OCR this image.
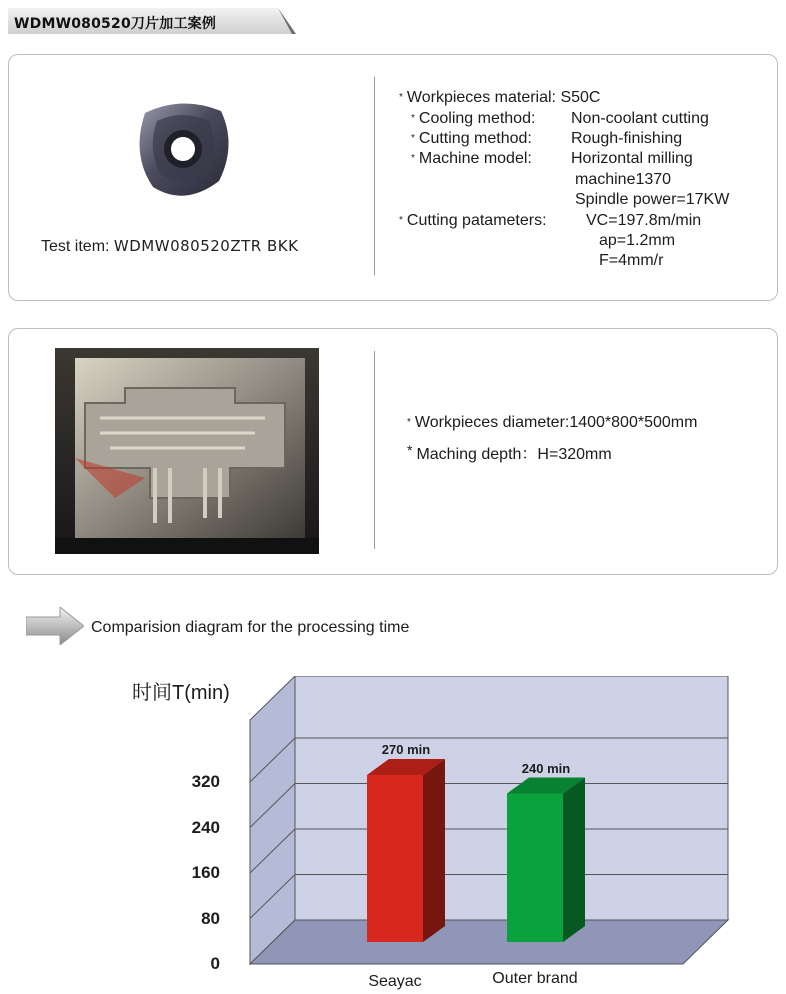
WDMW080520刀片加工案例
Test item: WDMW080520ZTR BKK
* Workpieces material: S50C
* Cooling method: Non-coolant cutting
* Cutting method: Rough-finishing
* Machine model: Horizontal milling
machine1370
Spindle power=17KW
* Cutting patameters: VC=197.8m/min
ap=1.2mm
F=4mm/r
* Workpieces diameter:1400*800*500mm
* Maching depth：H=320mm
Comparision diagram for the processing time
时间T(min)
270 min
Seayac
240 min
Outer brand
0
80
160
240
320
